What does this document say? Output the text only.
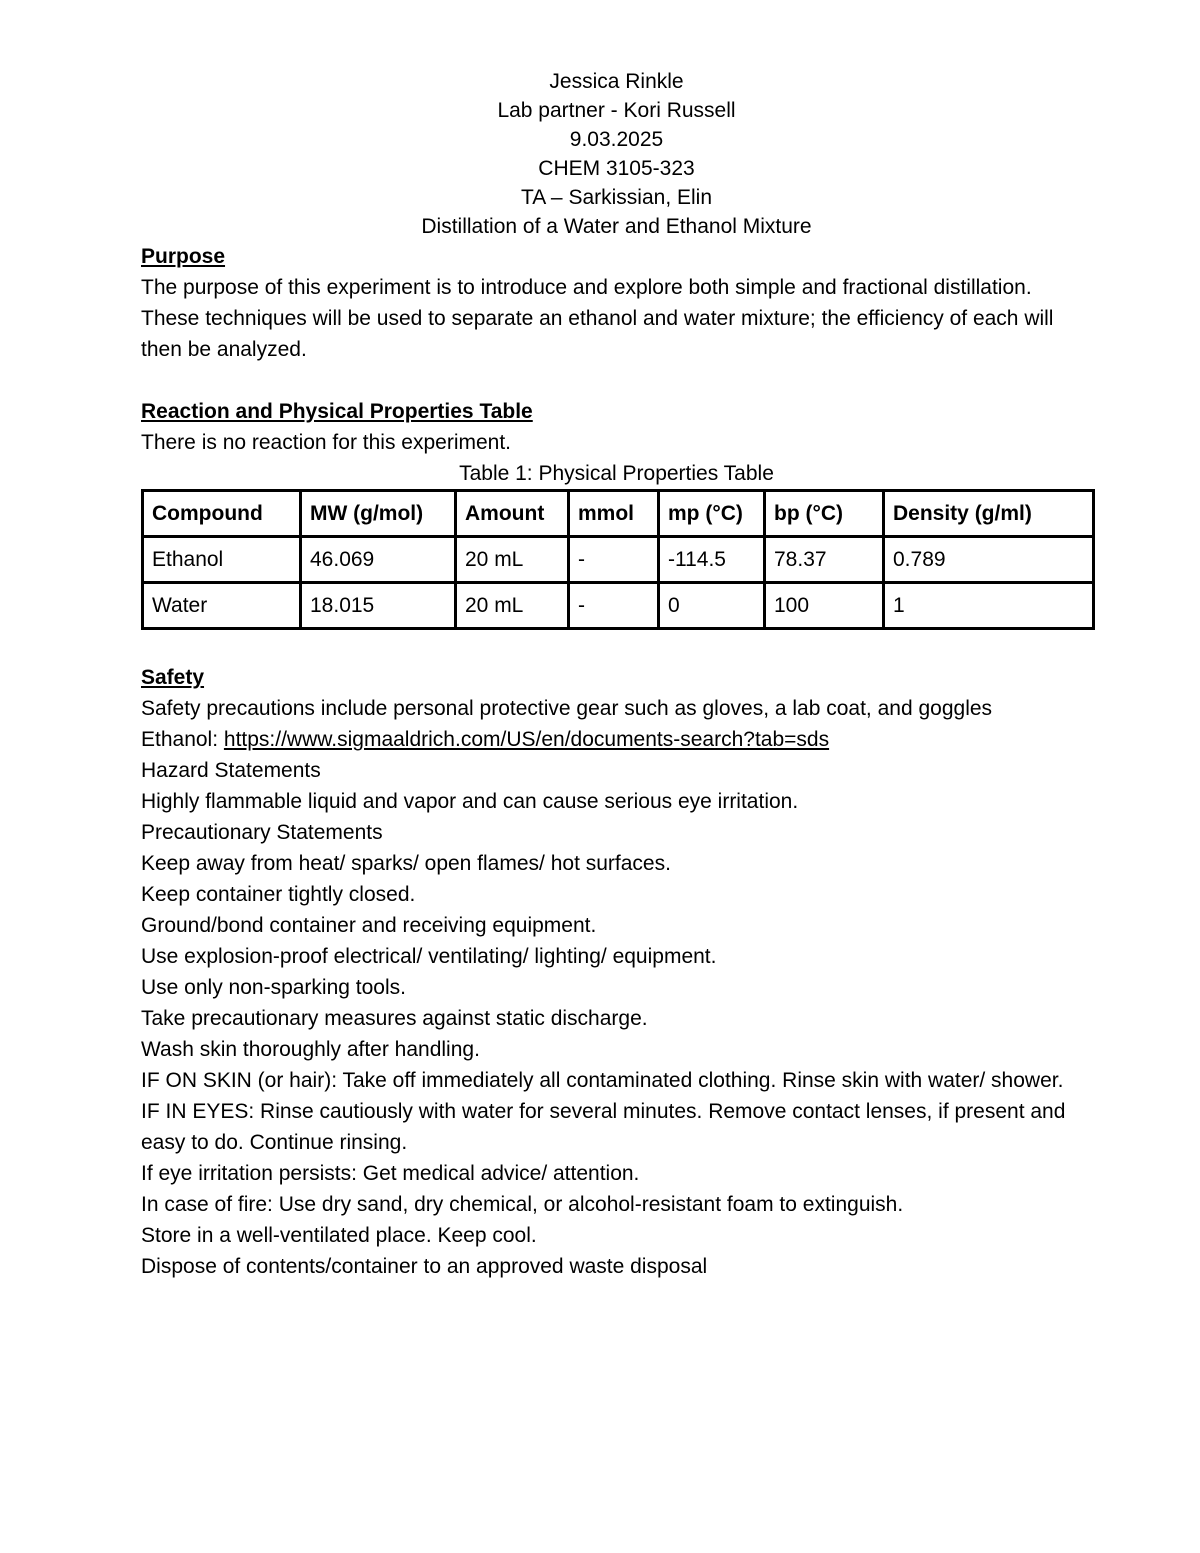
Jessica Rinkle
Lab partner - Kori Russell
9.03.2025
CHEM 3105-323
TA – Sarkissian, Elin
Distillation of a Water and Ethanol Mixture
Purpose

The purpose of this experiment is to introduce and explore both simple and fractional distillation. These techniques will be used to separate an ethanol and water mixture; the efficiency of each will then be analyzed.

Reaction and Physical Properties Table
There is no reaction for this experiment.
Table 1: Physical Properties Table
Compound	MW (g/mol)	Amount	mmol	mp (°C)	bp (°C)	Density (g/ml)
Ethanol	46.069	20 mL	-	-114.5	78.37	0.789
Water	18.015	20 mL	-	0	100	1
Safety

Safety precautions include personal protective gear such as gloves, a lab coat, and goggles

Ethanol: https://www.sigmaaldrich.com/US/en/documents-search?tab=sds
Hazard Statements
Highly flammable liquid and vapor and can cause serious eye irritation.
Precautionary Statements
Keep away from heat/ sparks/ open flames/ hot surfaces.
Keep container tightly closed.
Ground/bond container and receiving equipment.
Use explosion-proof electrical/ ventilating/ lighting/ equipment.
Use only non-sparking tools.
Take precautionary measures against static discharge.
Wash skin thoroughly after handling.

IF ON SKIN (or hair): Take off immediately all contaminated clothing. Rinse skin with water/ shower.

IF IN EYES: Rinse cautiously with water for several minutes. Remove contact lenses, if present and easy to do. Continue rinsing.

If eye irritation persists: Get medical advice/ attention.
In case of fire: Use dry sand, dry chemical, or alcohol-resistant foam to extinguish.
Store in a well-ventilated place. Keep cool.
Dispose of contents/container to an approved waste disposal
